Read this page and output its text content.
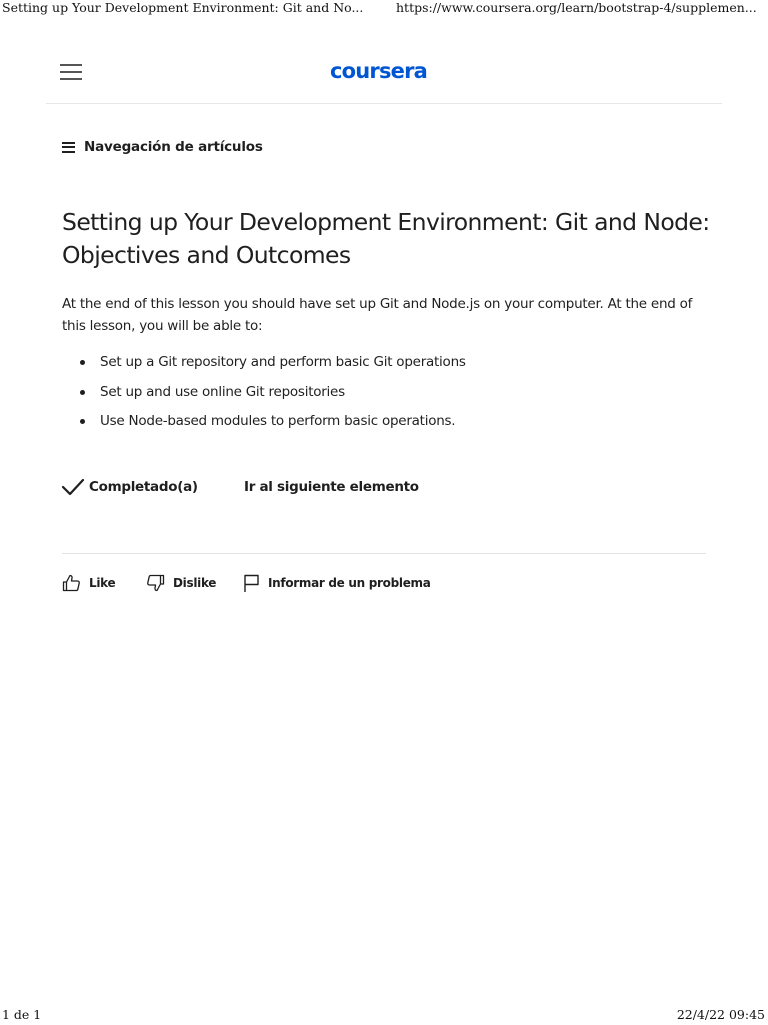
Setting up Your Development Environment: Git and No...	https://www.coursera.org/learn/bootstrap-4/supplemen...
coursera
Navegación de artículos
Setting up Your Development Environment: Git and Node: Objectives and Outcomes

At the end of this lesson you should have set up Git and Node.js on your computer. At the end of this lesson, you will be able to:

Set up a Git repository and perform basic Git operations
Set up and use online Git repositories
Use Node-based modules to perform basic operations.
Completado(a)	Ir al siguiente elemento
Like	Dislike	Informar de un problema
1 de 1	22/4/22 09:45
